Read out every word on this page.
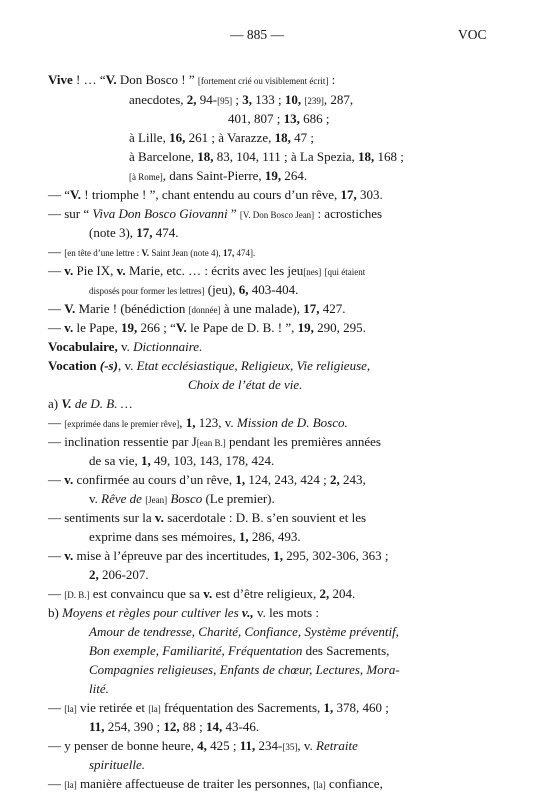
— 885 —	VOC
Vive ! … “V. Don Bosco ! ” [fortement crié ou visiblement écrit] :
anecdotes, 2, 94-[95] ; 3, 133 ; 10, [239], 287,
401, 807 ; 13, 686 ;
à Lille, 16, 261 ; à Varazze, 18, 47 ;
à Barcelone, 18, 83, 104, 111 ; à La Spezia, 18, 168 ;
[à Rome], dans Saint-Pierre, 19, 264.
— “V. ! triomphe ! ”, chant entendu au cours d’un rêve, 17, 303.
— sur “ Viva Don Bosco Giovanni ” [V. Don Bosco Jean] : acrostiches
(note 3), 17, 474.
— [en tête d’une lettre : V. Saint Jean (note 4), 17, 474].
— v. Pie IX, v. Marie, etc. … : écrits avec les jeu[nes] [qui étaient
disposés pour former les lettres] (jeu), 6, 403-404.
— V. Marie ! (bénédiction [donnée] à une malade), 17, 427.
— v. le Pape, 19, 266 ; “V. le Pape de D. B. ! ”, 19, 290, 295.
Vocabulaire, v. Dictionnaire.
Vocation (-s), v. Etat ecclésiastique, Religieux, Vie religieuse,
Choix de l’état de vie.
a) V. de D. B. …
— [exprimée dans le premier rêve], 1, 123, v. Mission de D. Bosco.
— inclination ressentie par J[ean B.] pendant les premières années
de sa vie, 1, 49, 103, 143, 178, 424.
— v. confirmée au cours d’un rêve, 1, 124, 243, 424 ; 2, 243,
v. Rêve de [Jean] Bosco (Le premier).
— sentiments sur la v. sacerdotale : D. B. s’en souvient et les
exprime dans ses mémoires, 1, 286, 493.
— v. mise à l’épreuve par des incertitudes, 1, 295, 302-306, 363 ;
2, 206-207.
— [D. B.] est convaincu que sa v. est d’être religieux, 2, 204.
b) Moyens et règles pour cultiver les v., v. les mots :
Amour de tendresse, Charité, Confiance, Système préventif,
Bon exemple, Familiarité, Fréquentation des Sacrements,
Compagnies religieuses, Enfants de chœur, Lectures, Mora-
lité.
— [la] vie retirée et [la] fréquentation des Sacrements, 1, 378, 460 ;
11, 254, 390 ; 12, 88 ; 14, 43-46.
— y penser de bonne heure, 4, 425 ; 11, 234-[35], v. Retraite
spirituelle.
— [la] manière affectueuse de traiter les personnes, [la] confiance,
